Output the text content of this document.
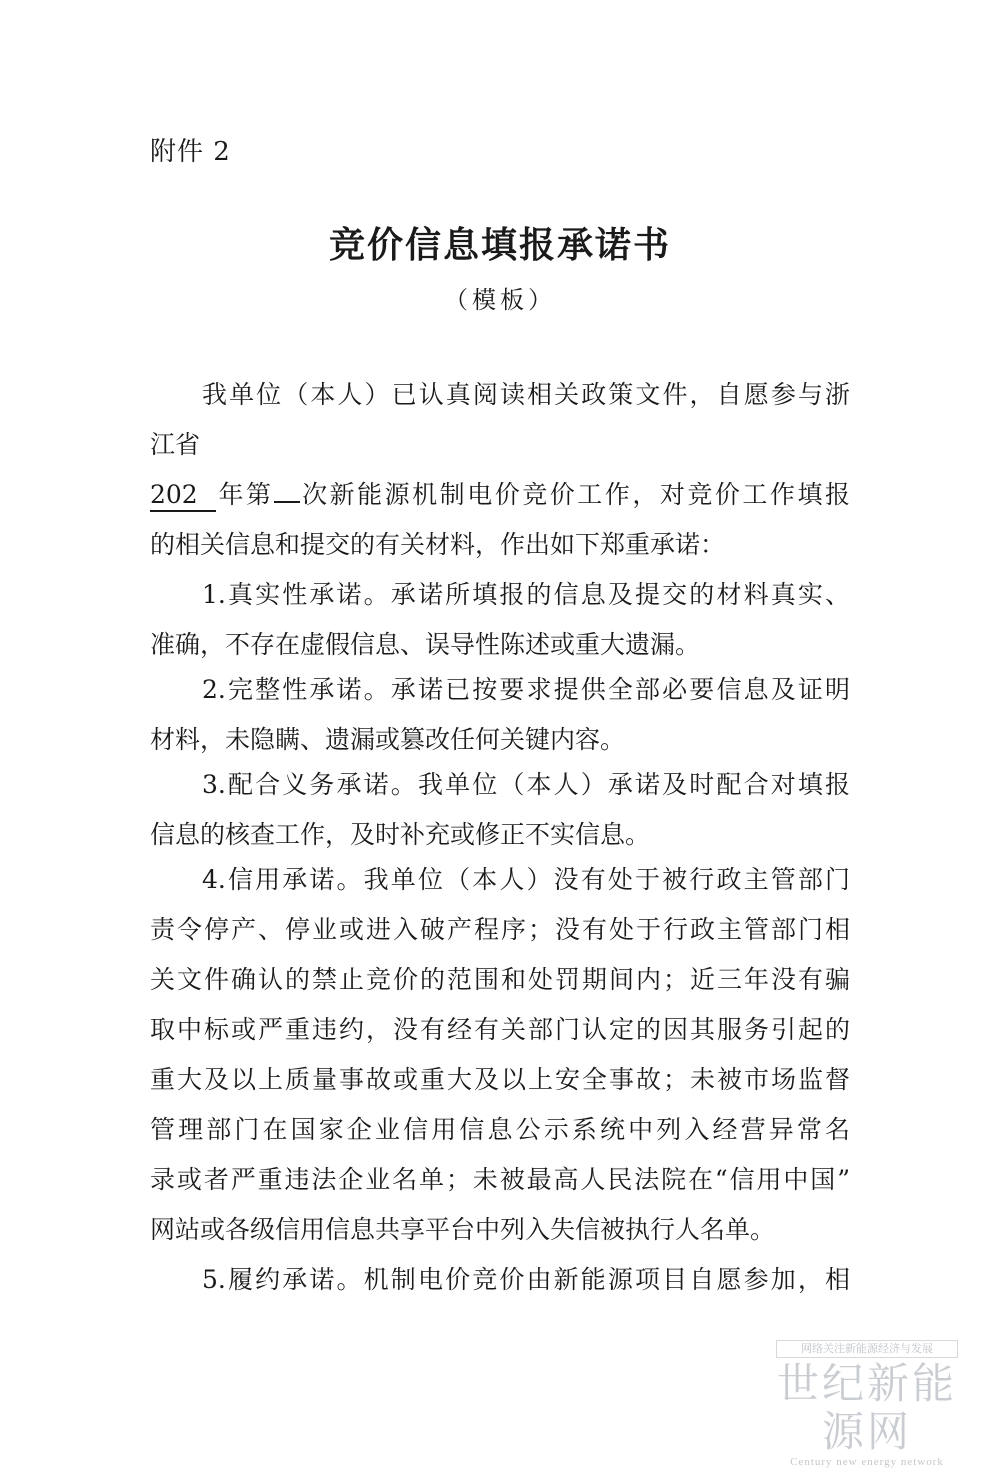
附件 2
竞价信息填报承诺书
（模板）
我单位（本人）已认真阅读相关政策文件，自愿参与浙
江省
202 年第 次新能源机制电价竞价工作，对竞价工作填报
的相关信息和提交的有关材料，作出如下郑重承诺：
1.真实性承诺。承诺所填报的信息及提交的材料真实、
准确，不存在虚假信息、误导性陈述或重大遗漏。
2.完整性承诺。承诺已按要求提供全部必要信息及证明
材料，未隐瞒、遗漏或篡改任何关键内容。
3.配合义务承诺。我单位（本人）承诺及时配合对填报
信息的核查工作，及时补充或修正不实信息。
4.信用承诺。我单位（本人）没有处于被行政主管部门
责令停产、停业或进入破产程序；没有处于行政主管部门相
关文件确认的禁止竞价的范围和处罚期间内；近三年没有骗
取中标或严重违约，没有经有关部门认定的因其服务引起的
重大及以上质量事故或重大及以上安全事故；未被市场监督
管理部门在国家企业信用信息公示系统中列入经营异常名
录或者严重违法企业名单；未被最高人民法院在“信用中国”
网站或各级信用信息共享平台中列入失信被执行人名单。
5.履约承诺。机制电价竞价由新能源项目自愿参加，相
网络关注新能源经济与发展
世纪新能源网
Century new energy network
